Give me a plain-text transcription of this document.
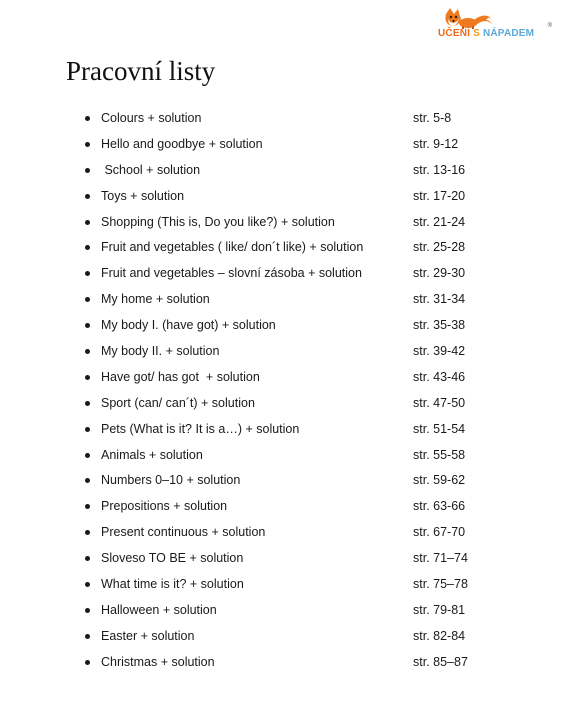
UČENÍ S NÁPADEM
®
Pracovní listy
Colours + solution	str. 5-8
Hello and goodbye + solution	str. 9-12
School + solution	str. 13-16
Toys + solution	str. 17-20
Shopping (This is, Do you like?) + solution	str. 21-24
Fruit and vegetables ( like/ don´t like) + solution	str. 25-28
Fruit and vegetables – slovní zásoba + solution	str. 29-30
My home + solution	str. 31-34
My body I. (have got) + solution	str. 35-38
My body II. + solution	str. 39-42
Have got/ has got  + solution	str. 43-46
Sport (can/ can´t) + solution	str. 47-50
Pets (What is it? It is a…) + solution	str. 51-54
Animals + solution	str. 55-58
Numbers 0–10 + solution	str. 59-62
Prepositions + solution	str. 63-66
Present continuous + solution	str. 67-70
Sloveso TO BE + solution	str. 71–74
What time is it? + solution	str. 75–78
Halloween + solution	str. 79-81
Easter + solution	str. 82-84
Christmas + solution	str. 85–87
